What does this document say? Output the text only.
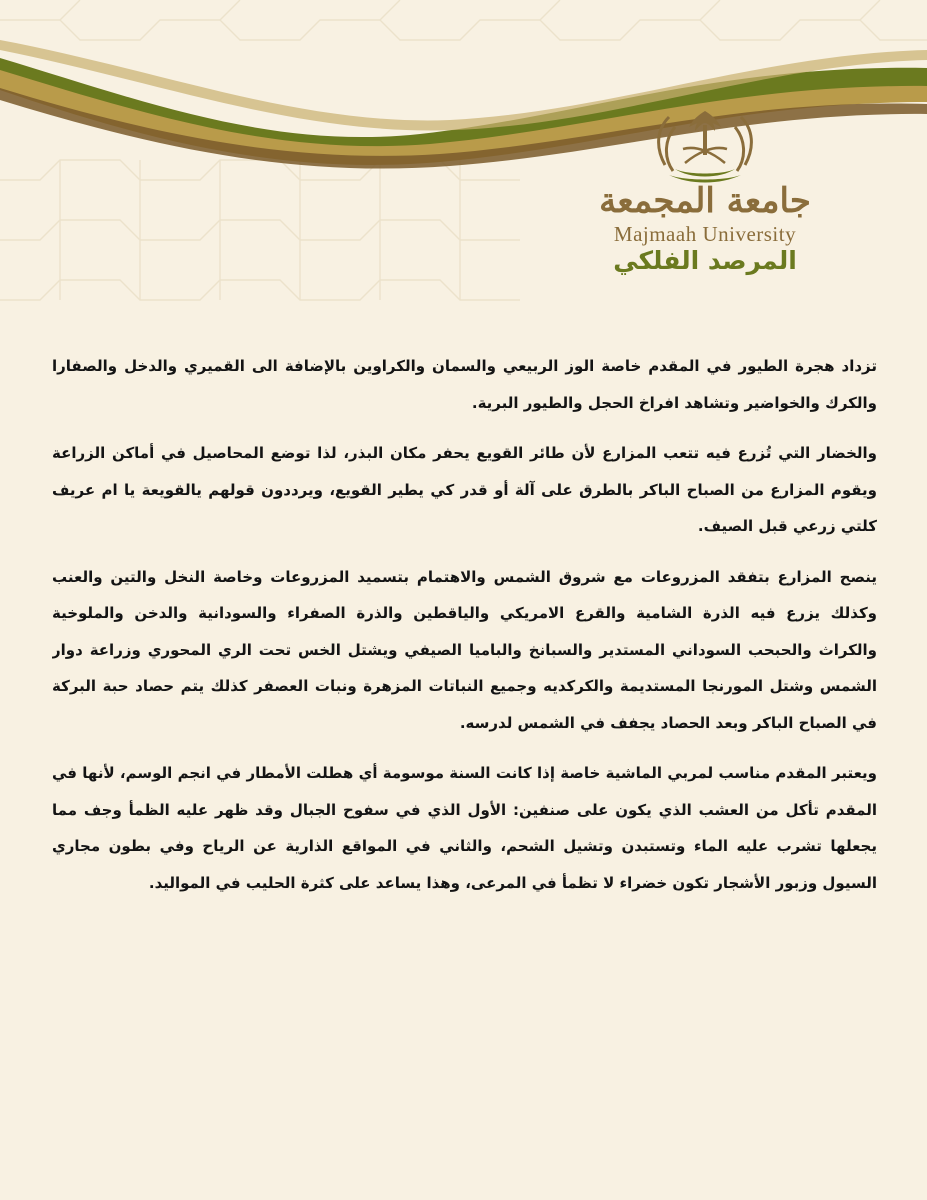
جامعة المجمعة
Majmaah University
المرصد الفلكي
تزداد هجرة الطيور في المقدم خاصة الوز الربيعي والسمان والكراوين بالإضافة الى القميري والدخل والصفارا
والكرك والخواضير وتشاهد افراخ الحجل والطيور البرية.
والخضار التي تُزرع فيه تتعب المزارع لأن طائر القويع يحفر مكان البذر، لذا توضع المحاصيل في أماكن الزراعة
ويقوم المزارع من الصباح الباكر بالطرق على آلة أو قدر كي يطير القويع، ويرددون قولهم يالقويعة يا ام عريف
كلتي زرعي قبل الصيف.
ينصح المزارع بتفقد المزروعات مع شروق الشمس والاهتمام بتسميد المزروعات وخاصة النخل والتين والعنب
وكذلك يزرع فيه الذرة الشامية والقرع الامريكي والياقطين والذرة الصفراء والسودانية والدخن والملوخية
والكراث والحبحب السوداني المستدير والسبانخ والباميا الصيفي ويشتل الخس تحت الري المحوري وزراعة دوار
الشمس وشتل المورنجا المستديمة والكركديه وجميع النباتات المزهرة ونبات العصفر كذلك يتم حصاد حبة البركة
في الصباح الباكر وبعد الحصاد يجفف في الشمس لدرسه.
ويعتبر المقدم مناسب لمربي الماشية خاصة إذا كانت السنة موسومة أي هطلت الأمطار في انجم الوسم، لأنها في
المقدم تأكل من العشب الذي يكون على صنفين: الأول الذي في سفوح الجبال وقد ظهر عليه الظمأ وجف مما
يجعلها تشرب عليه الماء وتستبدن وتشيل الشحم، والثاني في المواقع الذارية عن الرياح وفي بطون مجاري
السيول وزبور الأشجار تكون خضراء لا تظمأ في المرعى، وهذا يساعد على كثرة الحليب في المواليد.
